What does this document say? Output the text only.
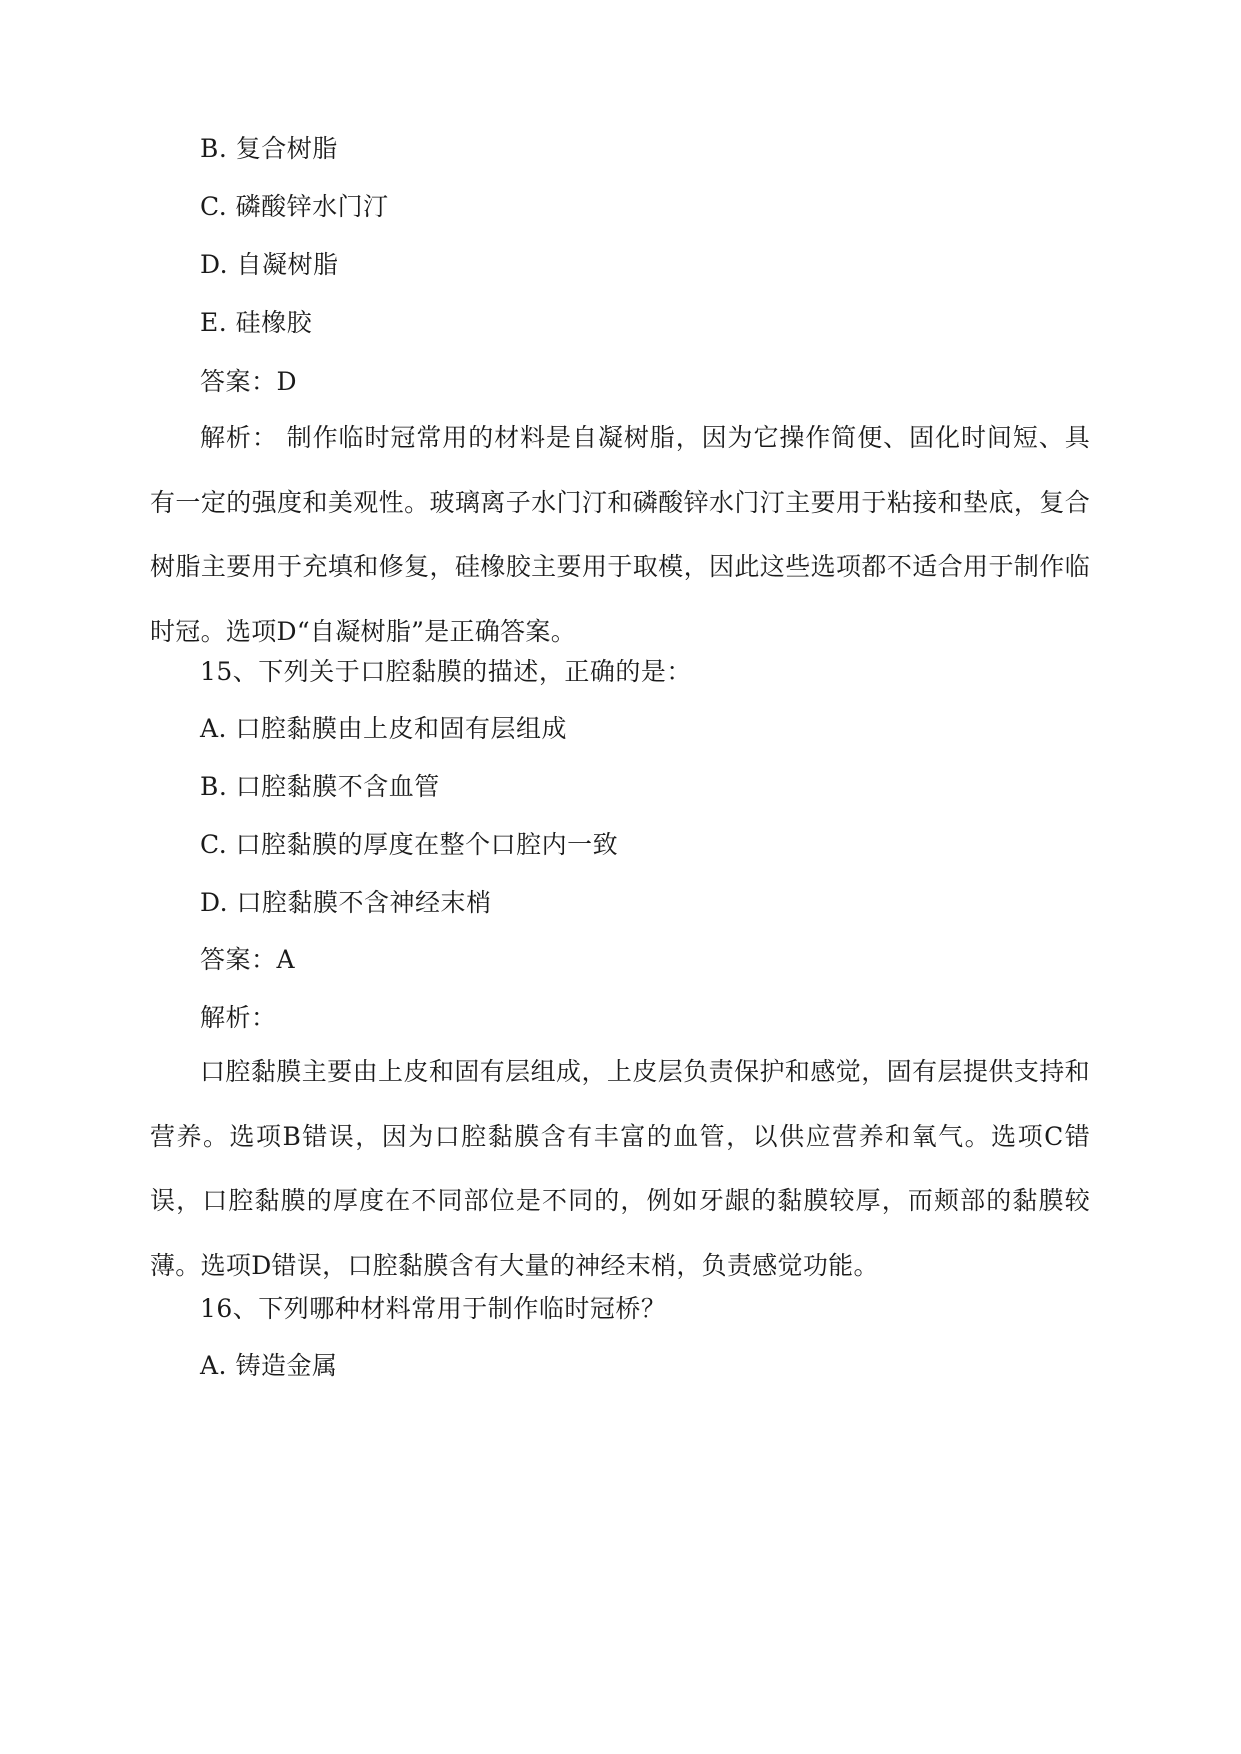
B. 复合树脂
C. 磷酸锌水门汀
D. 自凝树脂
E. 硅橡胶
答案：D
解析： 制作临时冠常用的材料是自凝树脂，因为它操作简便、固化时间短、具有一定的强度和美观性。玻璃离子水门汀和磷酸锌水门汀主要用于粘接和垫底，复合树脂主要用于充填和修复，硅橡胶主要用于取模，因此这些选项都不适合用于制作临时冠。选项D“自凝树脂”是正确答案。
15、下列关于口腔黏膜的描述，正确的是：
A. 口腔黏膜由上皮和固有层组成
B. 口腔黏膜不含血管
C. 口腔黏膜的厚度在整个口腔内一致
D. 口腔黏膜不含神经末梢
答案：A
解析：
口腔黏膜主要由上皮和固有层组成，上皮层负责保护和感觉，固有层提供支持和营养。选项B错误，因为口腔黏膜含有丰富的血管，以供应营养和氧气。选项C错误，口腔黏膜的厚度在不同部位是不同的，例如牙龈的黏膜较厚，而颊部的黏膜较薄。选项D错误，口腔黏膜含有大量的神经末梢，负责感觉功能。
16、下列哪种材料常用于制作临时冠桥？
A. 铸造金属
